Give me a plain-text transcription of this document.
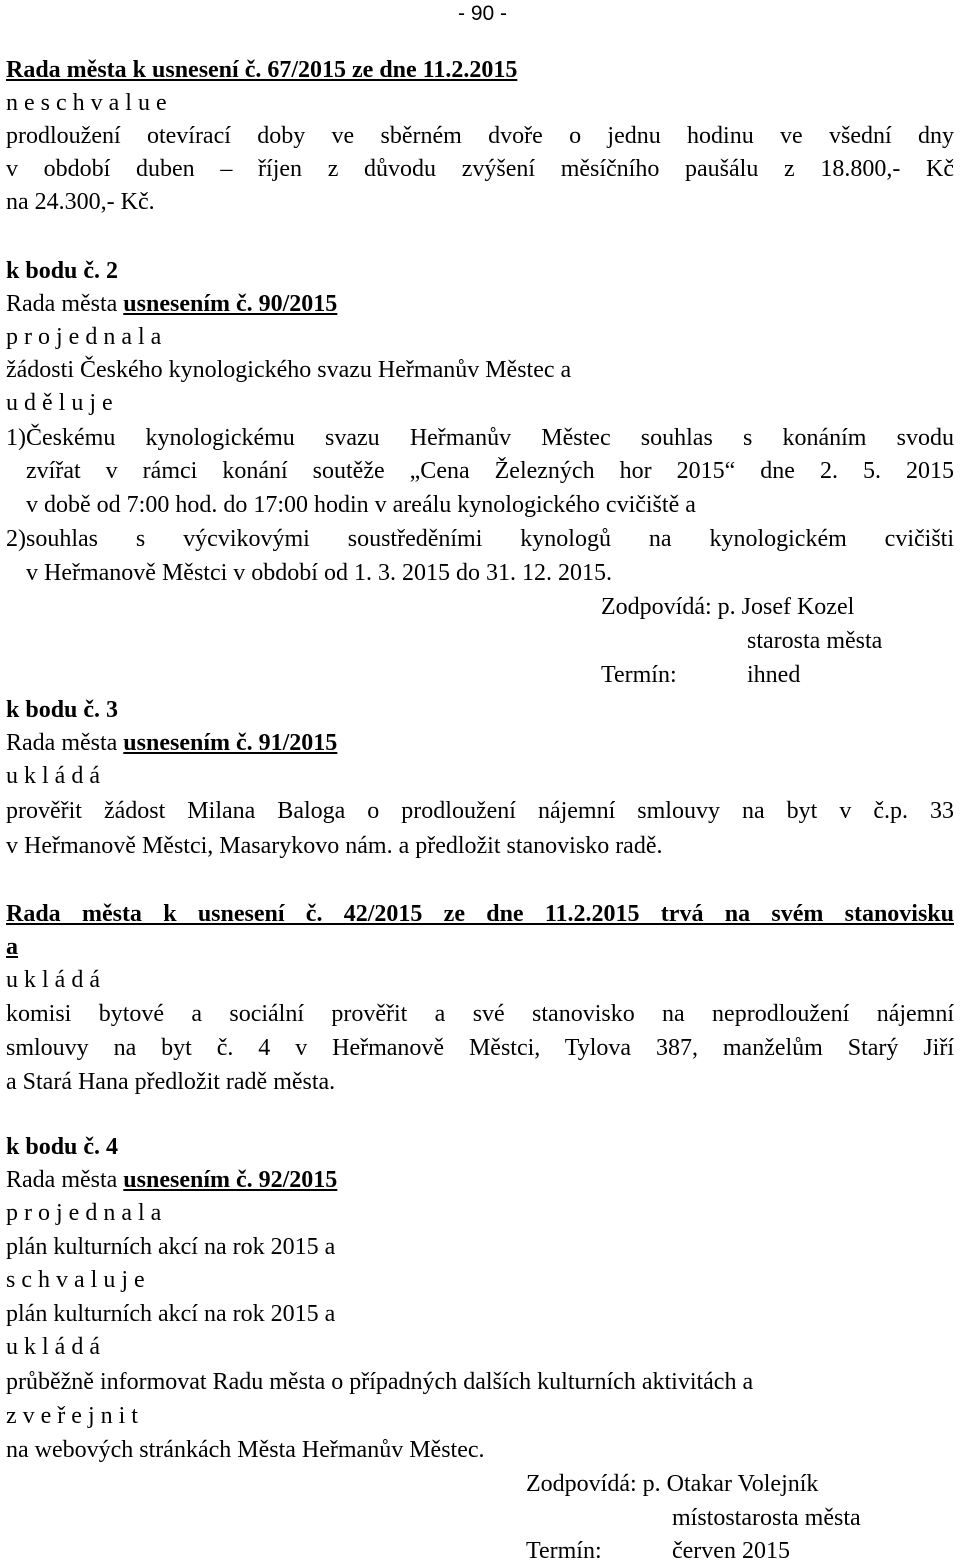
- 90 -
Rada města k usnesení č. 67/2015 ze dne 11.2.2015
n e s c h v a l u e
prodloužení otevírací doby ve sběrném dvoře o jednu hodinu ve všední dny
v období duben – říjen z důvodu zvýšení měsíčního paušálu z 18.800,- Kč
na 24.300,- Kč.
k bodu č. 2
Rada města usnesením č. 90/2015
p r o j e d n a l a
žádosti Českého kynologického svazu Heřmanův Městec a
u d ě l u j e
1) Českému kynologickému svazu Heřmanův Městec souhlas s konáním svodu
zvířat v rámci konání soutěže „Cena Železných hor 2015“ dne 2. 5. 2015
v době od 7:00 hod. do 17:00 hodin v areálu kynologického cvičiště a
2) souhlas s výcvikovými soustředěními kynologů na kynologickém cvičišti
v Heřmanově Městci v období od 1. 3. 2015 do 31. 12. 2015.
Zodpovídá: p. Josef Kozel
starosta města
Termín:	ihned
k bodu č. 3
Rada města usnesením č. 91/2015
u k l á d á
prověřit žádost Milana Baloga o prodloužení nájemní smlouvy na byt v č.p. 33
v Heřmanově Městci, Masarykovo nám. a předložit stanovisko radě.
Rada města k usnesení č. 42/2015 ze dne 11.2.2015 trvá na svém stanovisku
a
u k l á d á
komisi bytové a sociální prověřit a své stanovisko na neprodloužení nájemní
smlouvy na byt č. 4 v Heřmanově Městci, Tylova 387, manželům Starý Jiří
a Stará Hana předložit radě města.
k bodu č. 4
Rada města usnesením č. 92/2015
p r o j e d n a l a
plán kulturních akcí na rok 2015 a
s c h v a l u j e
plán kulturních akcí na rok 2015 a
u k l á d á
průběžně informovat Radu města o případných dalších kulturních aktivitách a
z v e ř e j n i t
na webových stránkách Města Heřmanův Městec.
Zodpovídá: p. Otakar Volejník
místostarosta města
Termín:	červen 2015
